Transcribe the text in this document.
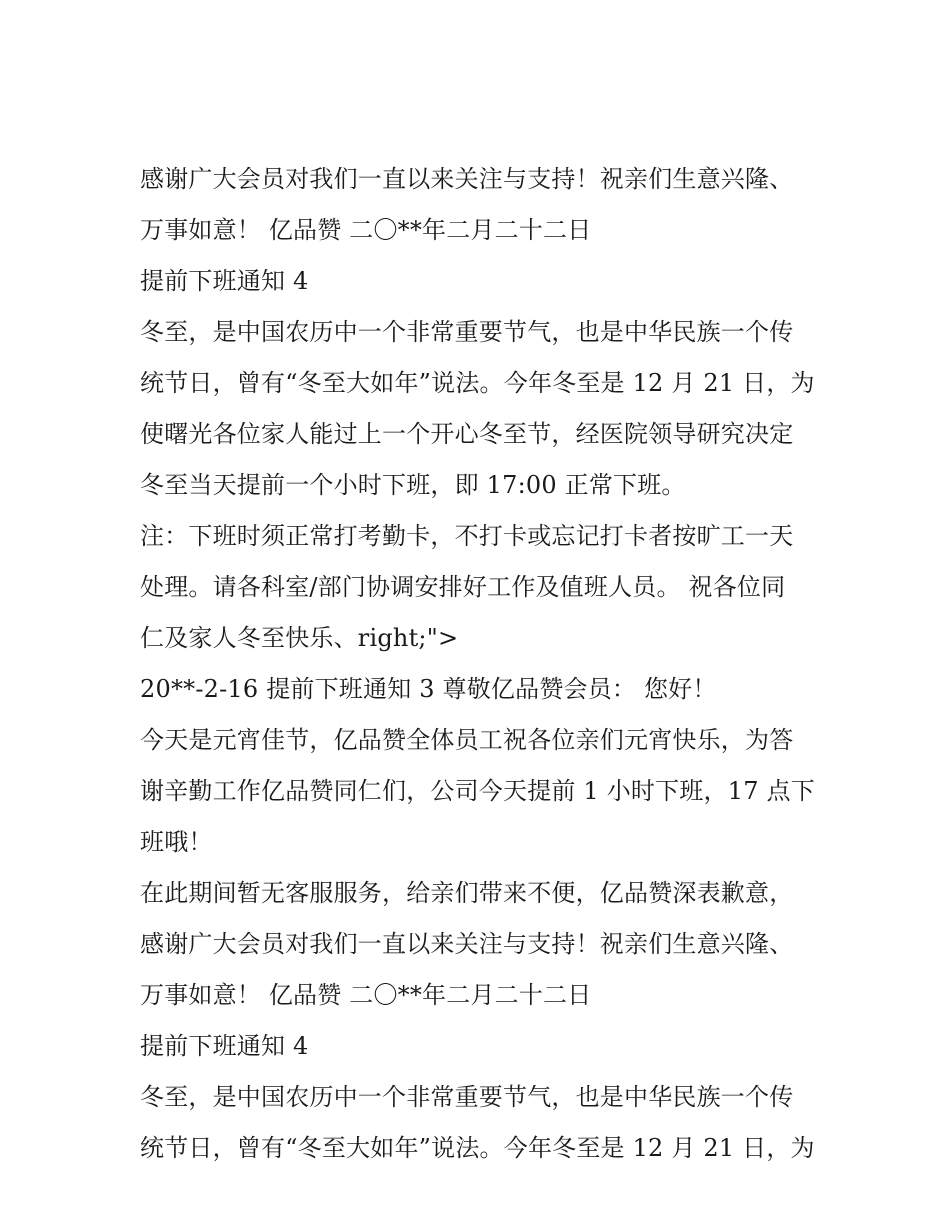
感谢广大会员对我们一直以来关注与支持！祝亲们生意兴隆、
万事如意！ 亿品赞 二〇**年二月二十二日
提前下班通知 4
冬至，是中国农历中一个非常重要节气，也是中华民族一个传
统节日，曾有“冬至大如年”说法。今年冬至是 12 月 21 日，为
使曙光各位家人能过上一个开心冬至节，经医院领导研究决定
冬至当天提前一个小时下班，即 17:00 正常下班。
注：下班时须正常打考勤卡，不打卡或忘记打卡者按旷工一天
处理。请各科室/部门协调安排好工作及值班人员。 祝各位同
仁及家人冬至快乐、right;">
20**-2-16 提前下班通知 3 尊敬亿品赞会员： 您好！
今天是元宵佳节，亿品赞全体员工祝各位亲们元宵快乐，为答
谢辛勤工作亿品赞同仁们，公司今天提前 1 小时下班，17 点下
班哦！
在此期间暂无客服服务，给亲们带来不便，亿品赞深表歉意，
感谢广大会员对我们一直以来关注与支持！祝亲们生意兴隆、
万事如意！ 亿品赞 二〇**年二月二十二日
提前下班通知 4
冬至，是中国农历中一个非常重要节气，也是中华民族一个传
统节日，曾有“冬至大如年”说法。今年冬至是 12 月 21 日，为
